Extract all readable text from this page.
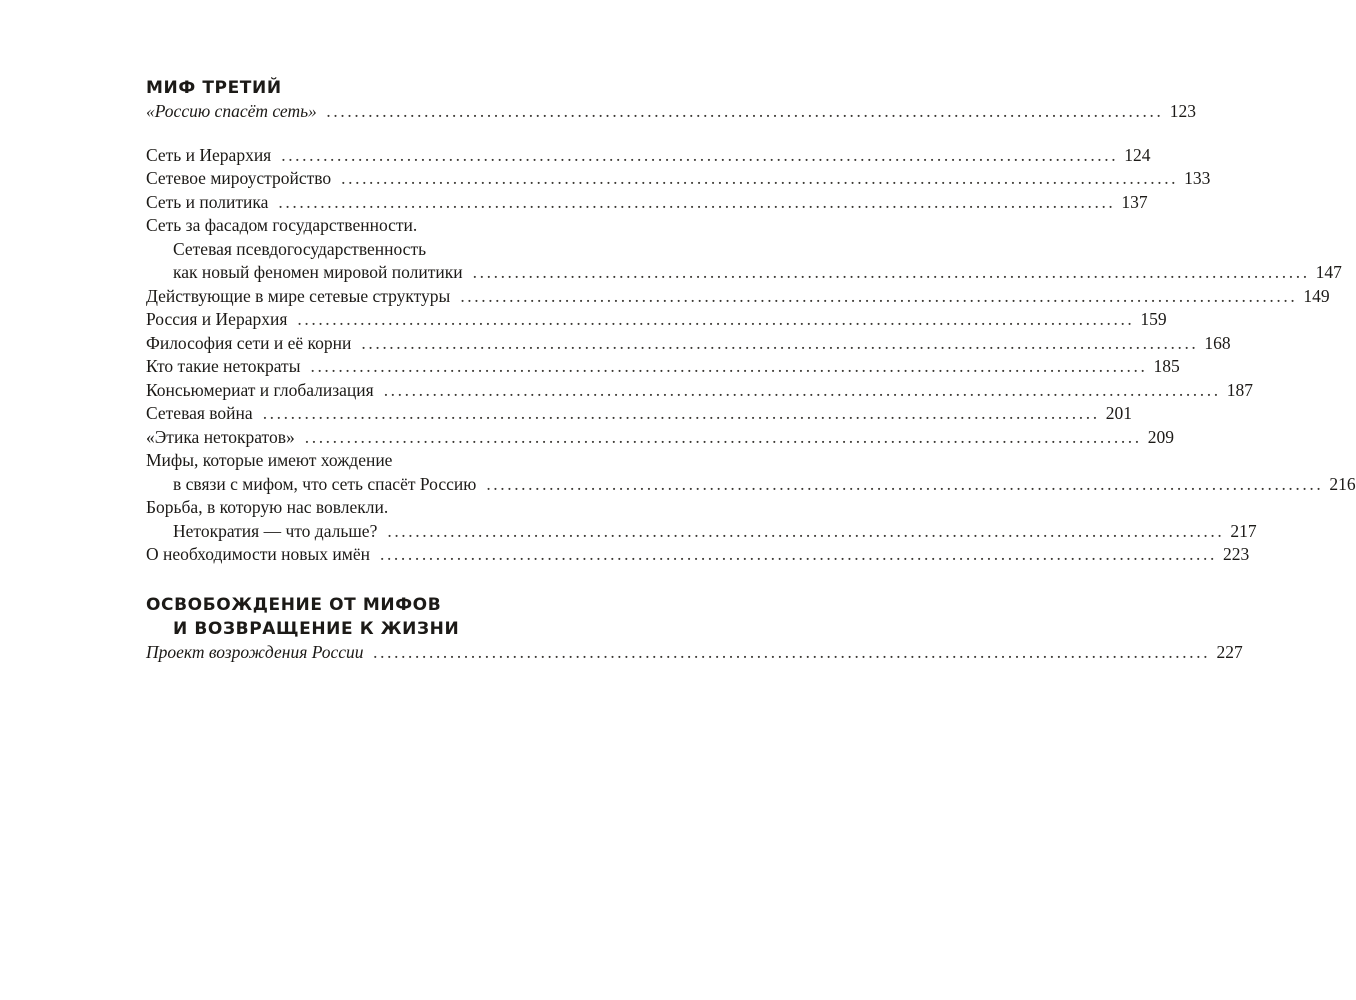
МИФ ТРЕТИЙ
«Россию спасёт сеть» ........................................................................................................................ 123
Сеть и Иерархия ........................................................................................................................ 124
Сетевое мироустройство ........................................................................................................................ 133
Сеть и политика ........................................................................................................................ 137
Сеть за фасадом государственности.
Сетевая псевдогосударственность
как новый феномен мировой политики ........................................................................................................................ 147
Действующие в мире сетевые структуры ........................................................................................................................ 149
Россия и Иерархия ........................................................................................................................ 159
Философия сети и её корни ........................................................................................................................ 168
Кто такие нетократы ........................................................................................................................ 185
Консьюмериат и глобализация ........................................................................................................................ 187
Сетевая война ........................................................................................................................ 201
«Этика нетократов» ........................................................................................................................ 209
Мифы, которые имеют хождение
в связи с мифом, что сеть спасёт Россию ........................................................................................................................ 216
Борьба, в которую нас вовлекли.
Нетократия — что дальше? ........................................................................................................................ 217
О необходимости новых имён ........................................................................................................................ 223
ОСВОБОЖДЕНИЕ ОТ МИФОВ
И ВОЗВРАЩЕНИЕ К ЖИЗНИ
Проект возрождения России ........................................................................................................................ 227
